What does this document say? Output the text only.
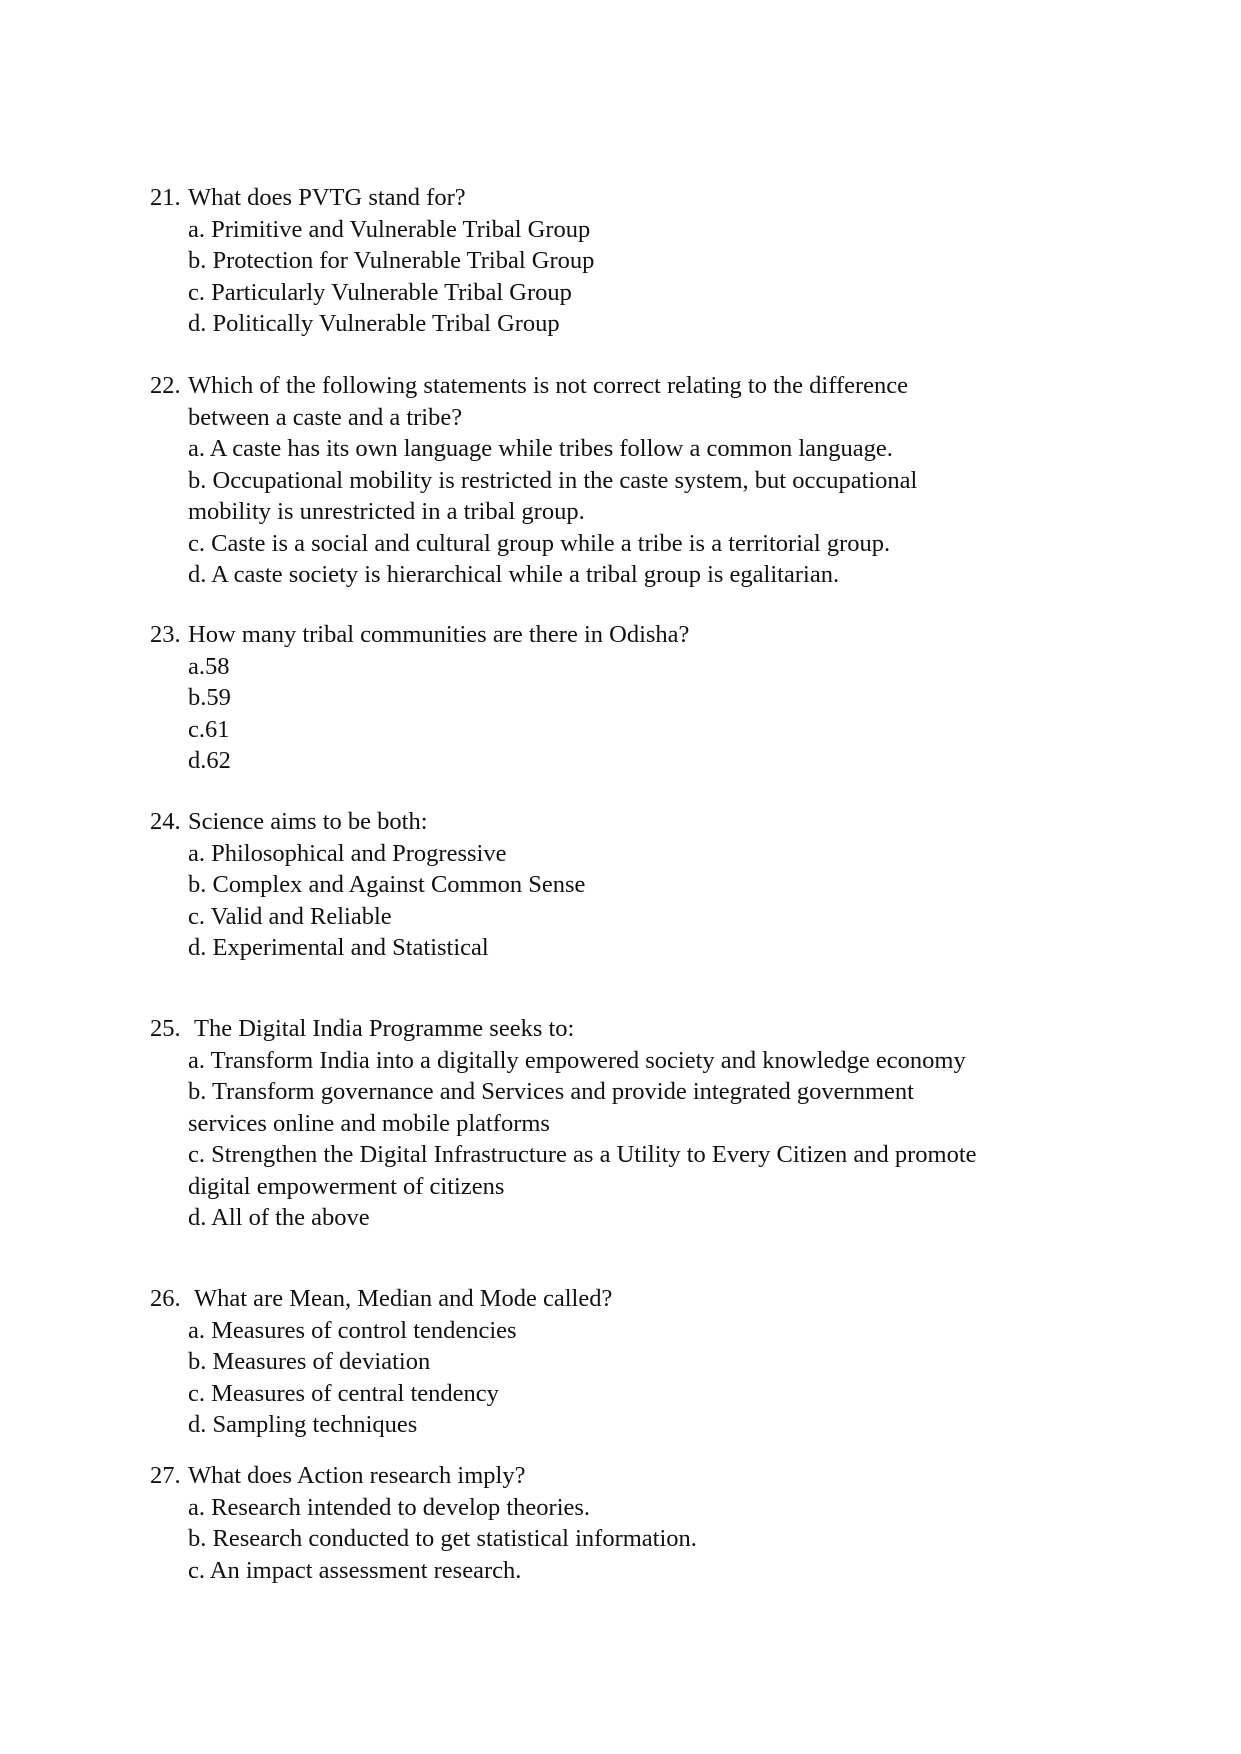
21. What does PVTG stand for?
a. Primitive and Vulnerable Tribal Group
b. Protection for Vulnerable Tribal Group
c. Particularly Vulnerable Tribal Group
d. Politically Vulnerable Tribal Group
22. Which of the following statements is not correct relating to the difference
between a caste and a tribe?
a. A caste has its own language while tribes follow a common language.
b. Occupational mobility is restricted in the caste system, but occupational
mobility is unrestricted in a tribal group.
c. Caste is a social and cultural group while a tribe is a territorial group.
d. A caste society is hierarchical while a tribal group is egalitarian.
23. How many tribal communities are there in Odisha?
a.58
b.59
c.61
d.62
24. Science aims to be both:
a. Philosophical and Progressive
b. Complex and Against Common Sense
c. Valid and Reliable
d. Experimental and Statistical
25. The Digital India Programme seeks to:
a. Transform India into a digitally empowered society and knowledge economy
b. Transform governance and Services and provide integrated government
services online and mobile platforms
c. Strengthen the Digital Infrastructure as a Utility to Every Citizen and promote
digital empowerment of citizens
d. All of the above
26. What are Mean, Median and Mode called?
a. Measures of control tendencies
b. Measures of deviation
c. Measures of central tendency
d. Sampling techniques
27. What does Action research imply?
a. Research intended to develop theories.
b. Research conducted to get statistical information.
c. An impact assessment research.
